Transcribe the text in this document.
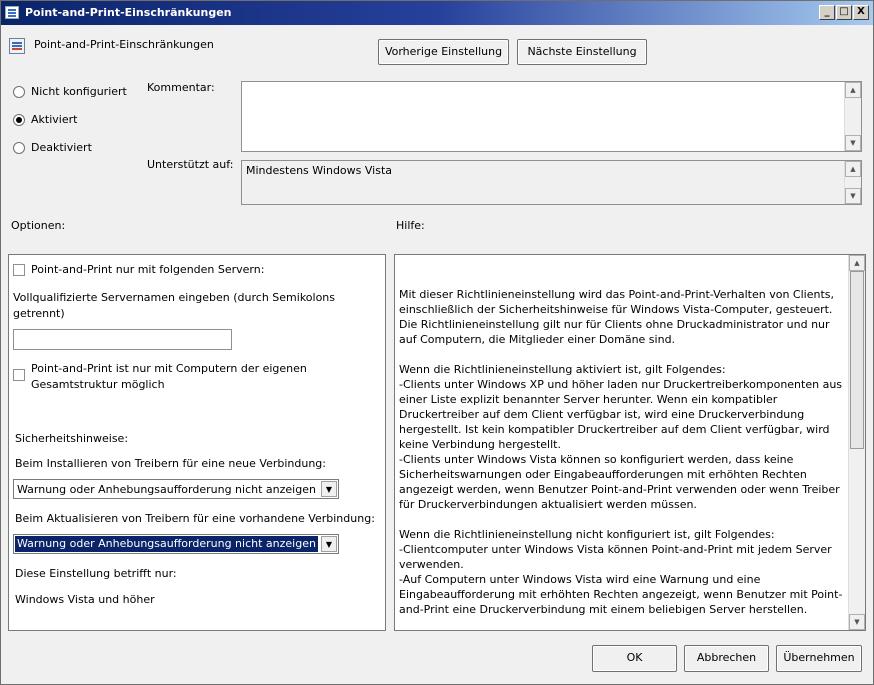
Point-and-Print-Einschränkungen	_ □ X
Point-and-Print-Einschränkungen
Vorherige Einstellung	Nächste Einstellung
Nicht konfiguriert
Aktiviert
Deaktiviert
Kommentar:	▲
▼
Unterstützt auf: Mindestens Windows Vista	▲
▼
Optionen:	Hilfe:
Point-and-Print nur mit folgenden Servern:
Vollqualifizierte Servernamen eingeben (durch Semikolons getrennt)
Point-and-Print ist nur mit Computern der eigenen Gesamtstruktur möglich
Sicherheitshinweise:
Beim Installieren von Treibern für eine neue Verbindung:
Warnung oder Anhebungsaufforderung nicht anzeigen	▼
Beim Aktualisieren von Treibern für eine vorhandene Verbindung:
Warnung oder Anhebungsaufforderung nicht anzeigen	▼
Diese Einstellung betrifft nur:
Windows Vista und höher
Mit dieser Richtlinieneinstellung wird das Point-and-Print-Verhalten von Clients, einschließlich der Sicherheitshinweise für Windows Vista-Computer, gesteuert. Die Richtlinieneinstellung gilt nur für Clients ohne Druckadministrator und nur auf Computern, die Mitglieder einer Domäne sind.

Wenn die Richtlinieneinstellung aktiviert ist, gilt Folgendes:
-Clients unter Windows XP und höher laden nur Druckertreiberkomponenten aus einer Liste explizit benannter Server herunter. Wenn ein kompatibler Druckertreiber auf dem Client verfügbar ist, wird eine Druckerverbindung hergestellt. Ist kein kompatibler Druckertreiber auf dem Client verfügbar, wird keine Verbindung hergestellt.
-Clients unter Windows Vista können so konfiguriert werden, dass keine Sicherheitswarnungen oder Eingabeaufforderungen mit erhöhten Rechten angezeigt werden, wenn Benutzer Point-and-Print verwenden oder wenn Treiber für Druckerverbindungen aktualisiert werden müssen.

Wenn die Richtlinieneinstellung nicht konfiguriert ist, gilt Folgendes:
-Clientcomputer unter Windows Vista können Point-and-Print mit jedem Server verwenden.
-Auf Computern unter Windows Vista wird eine Warnung und eine Eingabeaufforderung mit erhöhten Rechten angezeigt, wenn Benutzer mit Point-and-Print eine Druckerverbindung mit einem beliebigen Server herstellen.
▲
▼
OK	Abbrechen	Übernehmen
